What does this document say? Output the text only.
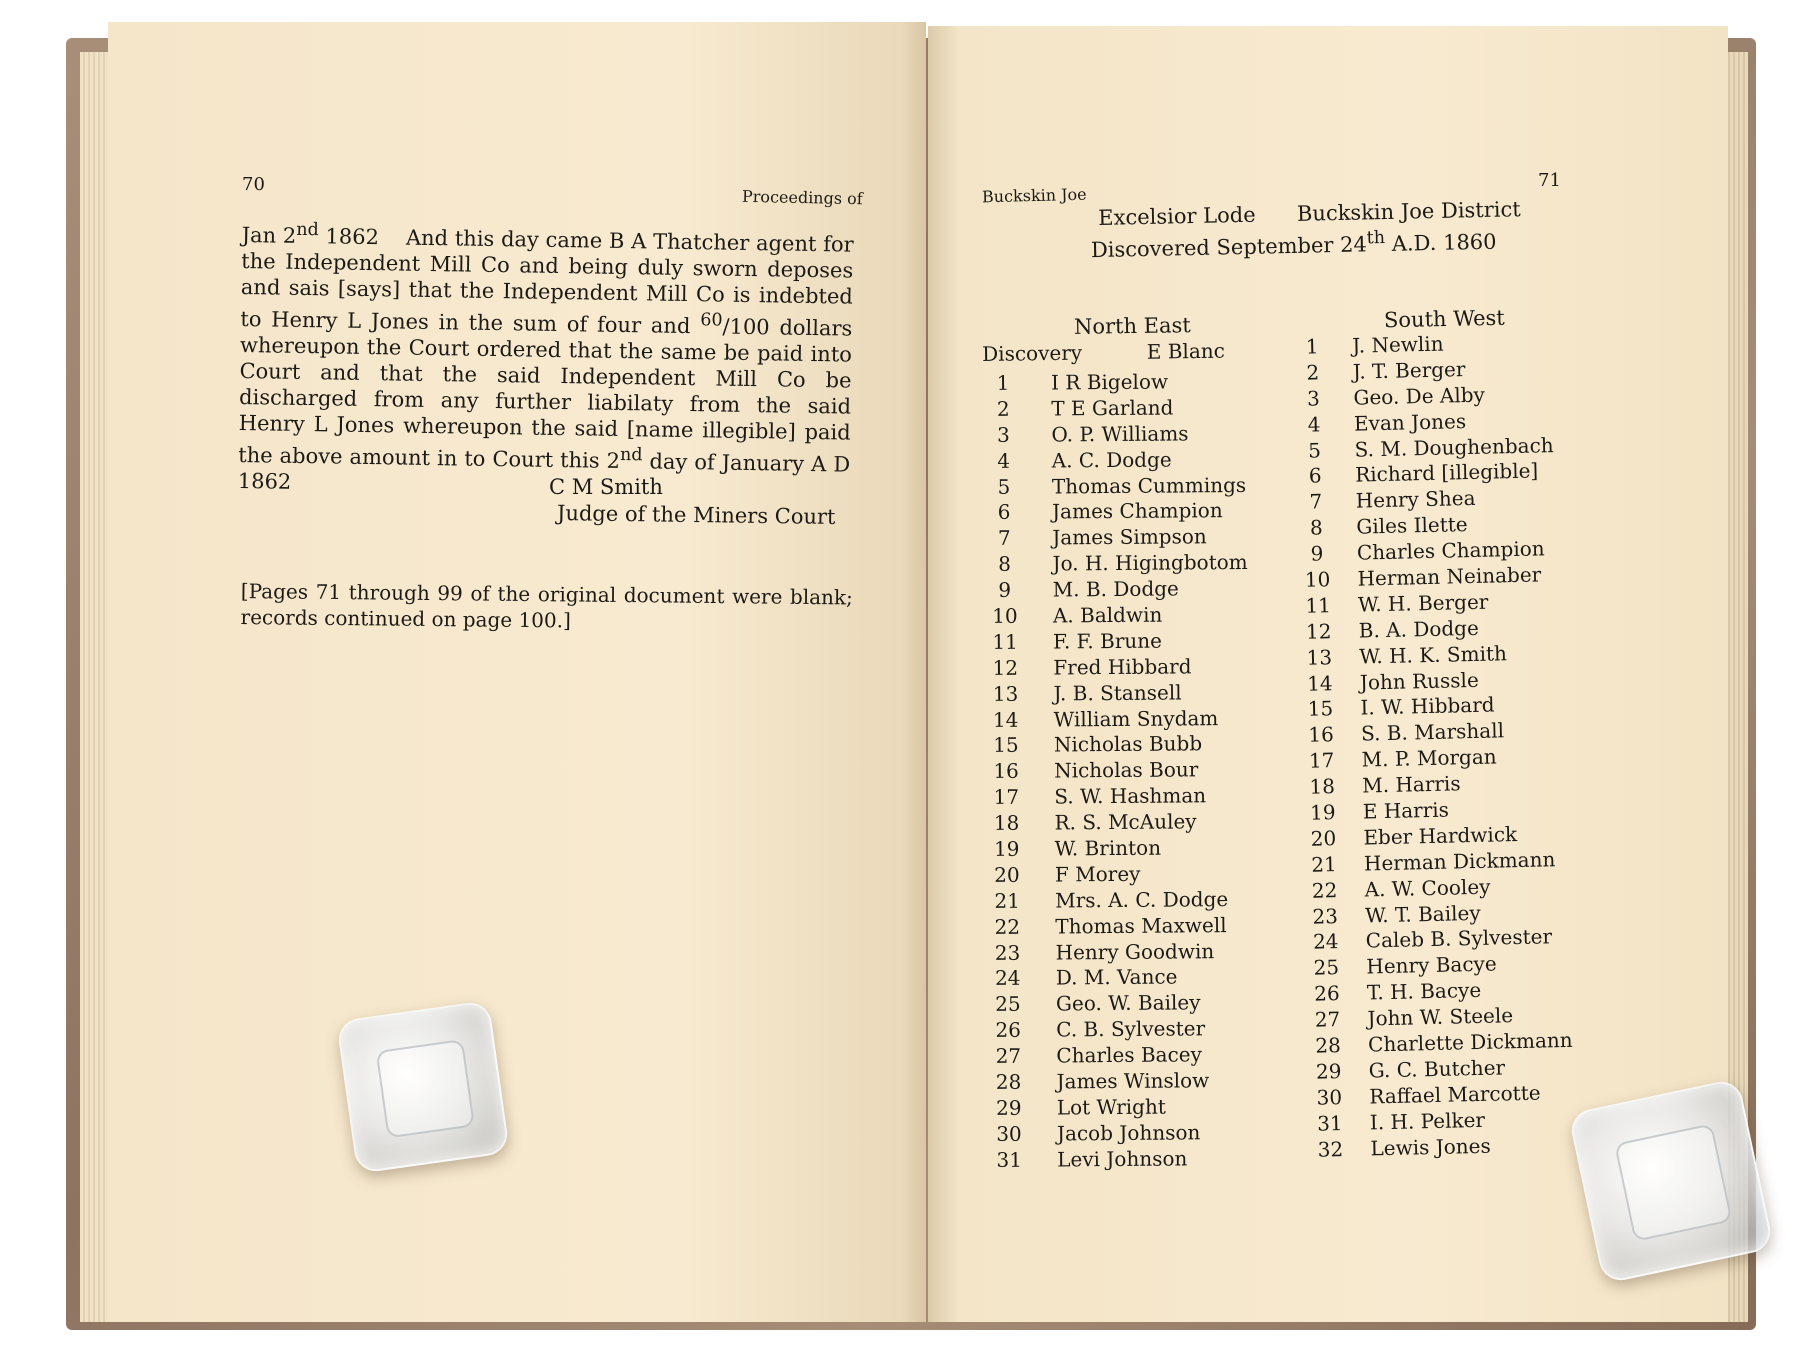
70
Proceedings of

Jan 2nd 1862 And this day came B A Thatcher agent for the Independent Mill Co and being duly sworn deposes and sais [says] that the Independent Mill Co is indebted to Henry L Jones in the sum of four and $^{60}$/100 dollars whereupon the Court ordered that the same be paid into Court and that the said Independent Mill Co be discharged from any further liabilaty from the said Henry L Jones whereupon the said [name illegible] paid the above amount in to Court this 2nd day of January A D 1862	C M Smith
Judge of the Miners Court
[Pages 71 through 99 of the original document were blank; records continued on page 100.]
Buckskin Joe
71
Excelsior Lode Buckskin Joe District
Discovered September 24th A.D. 1860
North East
Discovery	E Blanc
1	I R Bigelow
2	T E Garland
3	O. P. Williams
4	A. C. Dodge
5	Thomas Cummings
6	James Champion
7	James Simpson
8	Jo. H. Higingbotom
9	M. B. Dodge
10	A. Baldwin
11	F. F. Brune
12	Fred Hibbard
13	J. B. Stansell
14	William Snydam
15	Nicholas Bubb
16	Nicholas Bour
17	S. W. Hashman
18	R. S. McAuley
19	W. Brinton
20	F Morey
21	Mrs. A. C. Dodge
22	Thomas Maxwell
23	Henry Goodwin
24	D. M. Vance
25	Geo. W. Bailey
26	C. B. Sylvester
27	Charles Bacey
28	James Winslow
29	Lot Wright
30	Jacob Johnson
31	Levi Johnson
South West
1	J. Newlin
2	J. T. Berger
3	Geo. De Alby
4	Evan Jones
5	S. M. Doughenbach
6	Richard [illegible]
7	Henry Shea
8	Giles Ilette
9	Charles Champion
10	Herman Neinaber
11	W. H. Berger
12	B. A. Dodge
13	W. H. K. Smith
14	John Russle
15	I. W. Hibbard
16	S. B. Marshall
17	M. P. Morgan
18	M. Harris
19	E Harris
20	Eber Hardwick
21	Herman Dickmann
22	A. W. Cooley
23	W. T. Bailey
24	Caleb B. Sylvester
25	Henry Bacye
26	T. H. Bacye
27	John W. Steele
28	Charlette Dickmann
29	G. C. Butcher
30	Raffael Marcotte
31	I. H. Pelker
32	Lewis Jones
